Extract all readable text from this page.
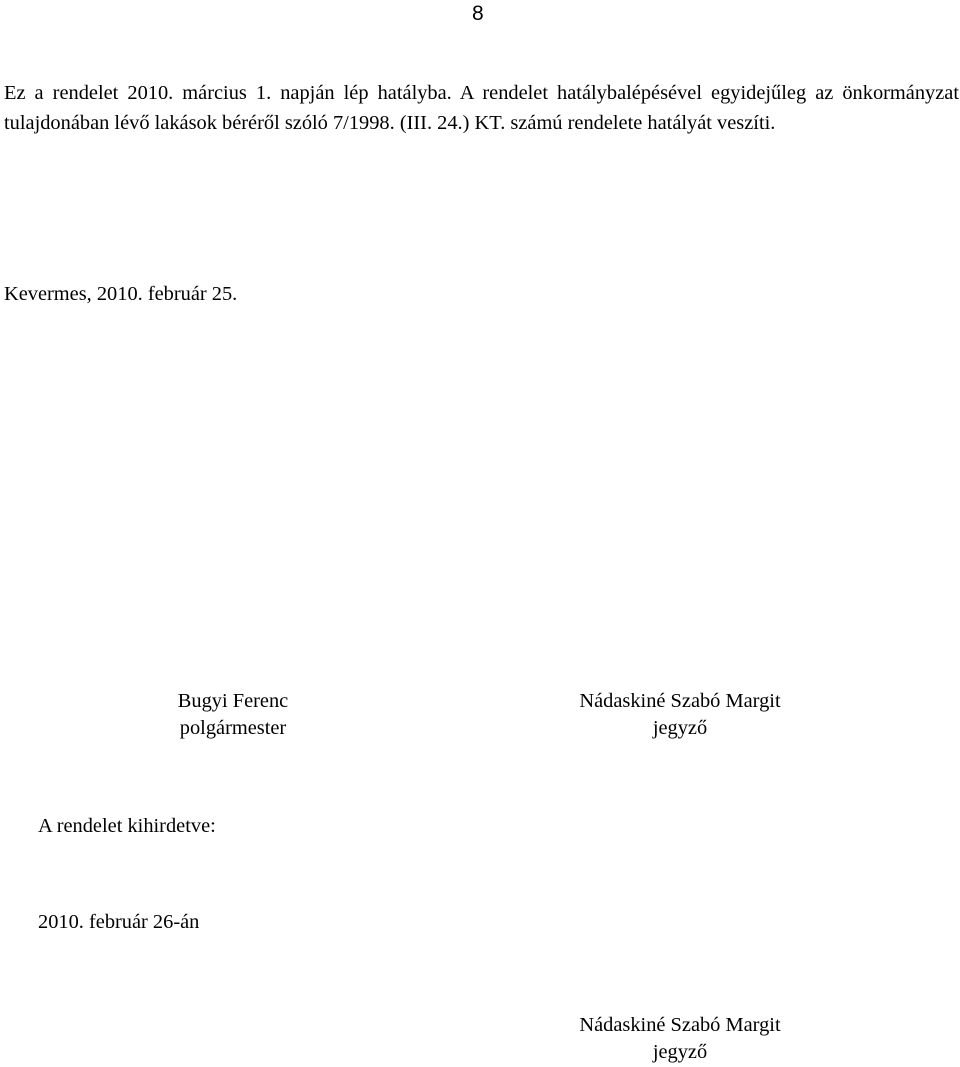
8

Ez a rendelet 2010. március 1. napján lép hatályba. A rendelet hatálybalépésével egyidejűleg az önkormányzat tulajdonában lévő lakások béréről szóló 7/1998. (III. 24.) KT. számú rendelete hatályát veszíti.

Kevermes, 2010. február 25.

Bugyi Ferenc
polgármester
Nádaskiné Szabó Margit
jegyző

A rendelet kihirdetve:

2010. február 26-án

Nádaskiné Szabó Margit
jegyző
